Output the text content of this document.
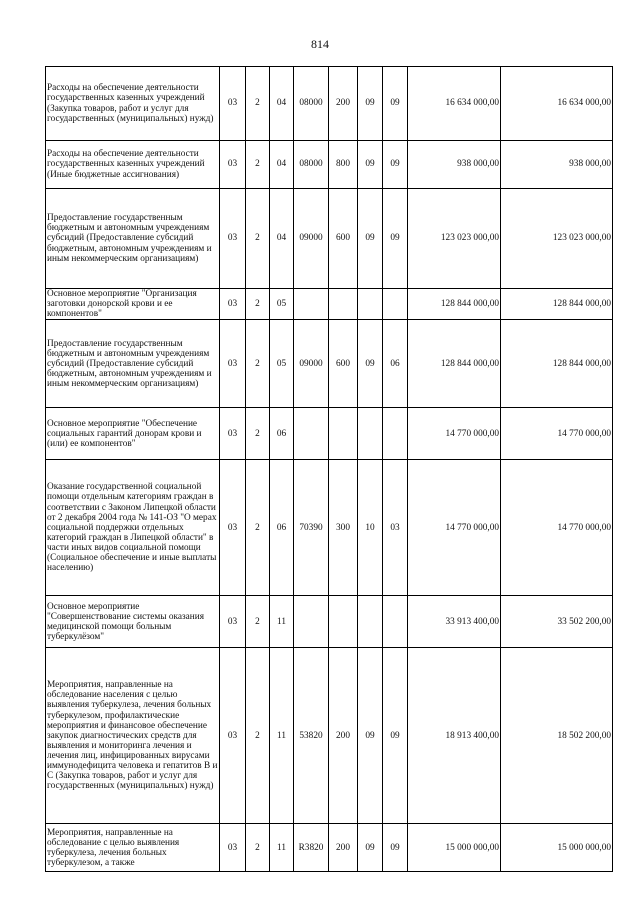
814
Расходы на обеспечение деятельности государственных казенных учреждений (Закупка товаров, работ и услуг для государственных (муниципальных) нужд)	03	2	04	08000	200	09	09	16 634 000,00	16 634 000,00
Расходы на обеспечение деятельности государственных казенных учреждений (Иные бюджетные ассигнования)	03	2	04	08000	800	09	09	938 000,00	938 000,00
Предоставление государственным бюджетным и автономным учреждениям субсидий (Предоставление субсидий бюджетным, автономным учреждениям и иным некоммерческим организациям)	03	2	04	09000	600	09	09	123 023 000,00	123 023 000,00
Основное мероприятие "Организация заготовки донорской крови и ее компонентов"	03	2	05					128 844 000,00	128 844 000,00
Предоставление государственным бюджетным и автономным учреждениям субсидий (Предоставление субсидий бюджетным, автономным учреждениям и иным некоммерческим организациям)	03	2	05	09000	600	09	06	128 844 000,00	128 844 000,00
Основное мероприятие "Обеспечение социальных гарантий донорам крови и (или) ее компонентов"	03	2	06					14 770 000,00	14 770 000,00
Оказание государственной социальной помощи отдельным категориям граждан в соответствии с Законом Липецкой области от 2 декабря 2004 года № 141-ОЗ "О мерах социальной поддержки отдельных категорий граждан в Липецкой области" в части иных видов социальной помощи (Социальное обеспечение и иные выплаты населению)	03	2	06	70390	300	10	03	14 770 000,00	14 770 000,00
Основное мероприятие "Совершенствование системы оказания медицинской помощи больным туберкулёзом"	03	2	11					33 913 400,00	33 502 200,00
Мероприятия, направленные на обследование населения с целью выявления туберкулеза, лечения больных туберкулезом, профилактические мероприятия и финансовое обеспечение закупок диагностических средств для выявления и мониторинга лечения и лечения лиц, инфицированных вирусами иммунодефицита человека и гепатитов В и С (Закупка товаров, работ и услуг для государственных (муниципальных) нужд)	03	2	11	53820	200	09	09	18 913 400,00	18 502 200,00
Мероприятия, направленные на обследование с целью выявления туберкулеза, лечения больных туберкулезом, а также	03	2	11	R3820	200	09	09	15 000 000,00	15 000 000,00
